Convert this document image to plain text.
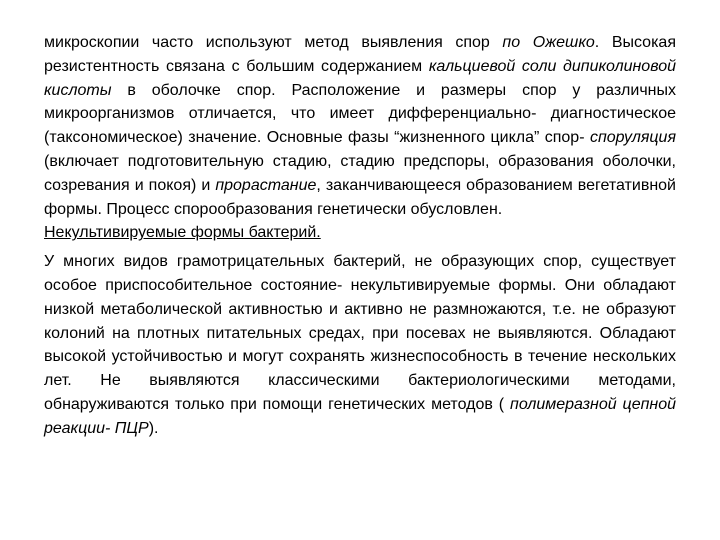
микроскопии часто используют метод выявления спор по Ожешко. Высокая резистентность связана с большим содержанием кальциевой соли дипиколиновой кислоты в оболочке спор. Расположение и размеры спор у различных микроорганизмов отличается, что имеет дифференциально- диагностическое (таксономическое) значение. Основные фазы “жизненного цикла” спор- споруляция (включает подготовительную стадию, стадию предспоры, образования оболочки, созревания и покоя) и прорастание, заканчивающееся образованием вегетативной формы. Процесс спорообразования генетически обусловлен.

Некультивируемые формы бактерий.

У многих видов грамотрицательных бактерий, не образующих спор, существует особое приспособительное состояние- некультивируемые формы. Они обладают низкой метаболической активностью и активно не размножаются, т.е. не образуют колоний на плотных питательных средах, при посевах не выявляются. Обладают высокой устойчивостью и могут сохранять жизнеспособность в течение нескольких лет. Не выявляются классическими бактериологическими методами, обнаруживаются только при помощи генетических методов ( полимеразной цепной реакции- ПЦР).
